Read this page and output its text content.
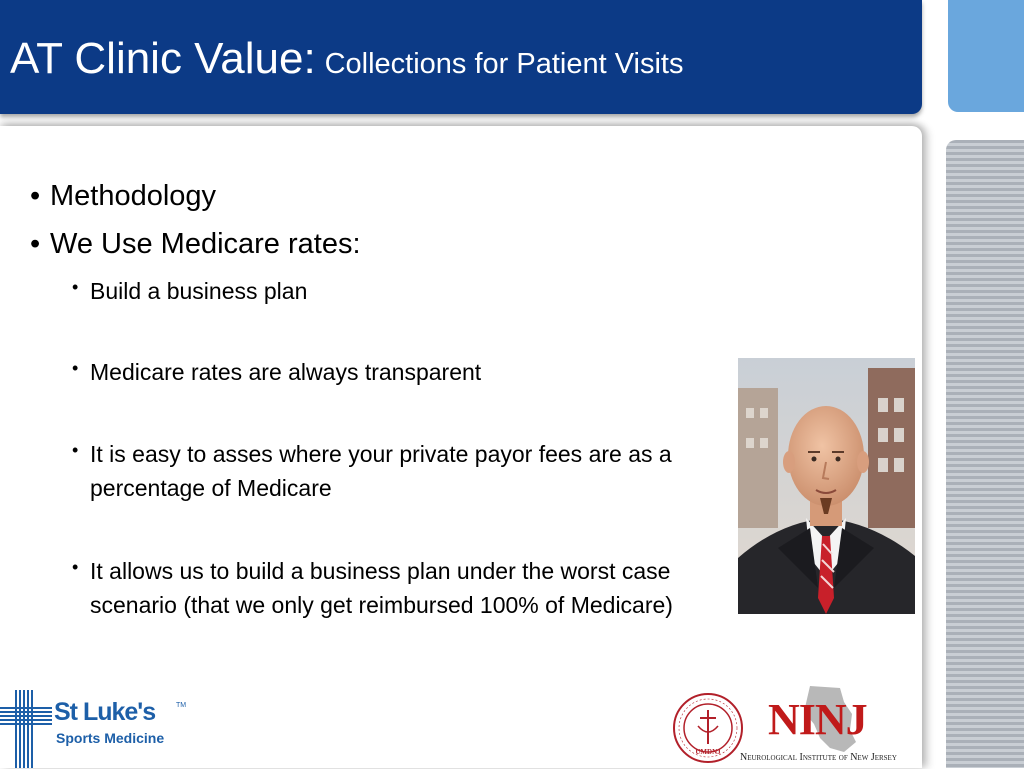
AT Clinic Value: Collections for Patient Visits

• Methodology

• We Use Medicare rates:

• Build a business plan

• Medicare rates are always transparent

• It is easy to asses where your private payor fees are as a percentage of Medicare

• It allows us to build a business plan under the worst case scenario (that we only get reimbursed 100% of Medicare)

St Luke's	TM

Sports Medicine

UMDNJ

NINJ

Neurological Institute of New Jersey
